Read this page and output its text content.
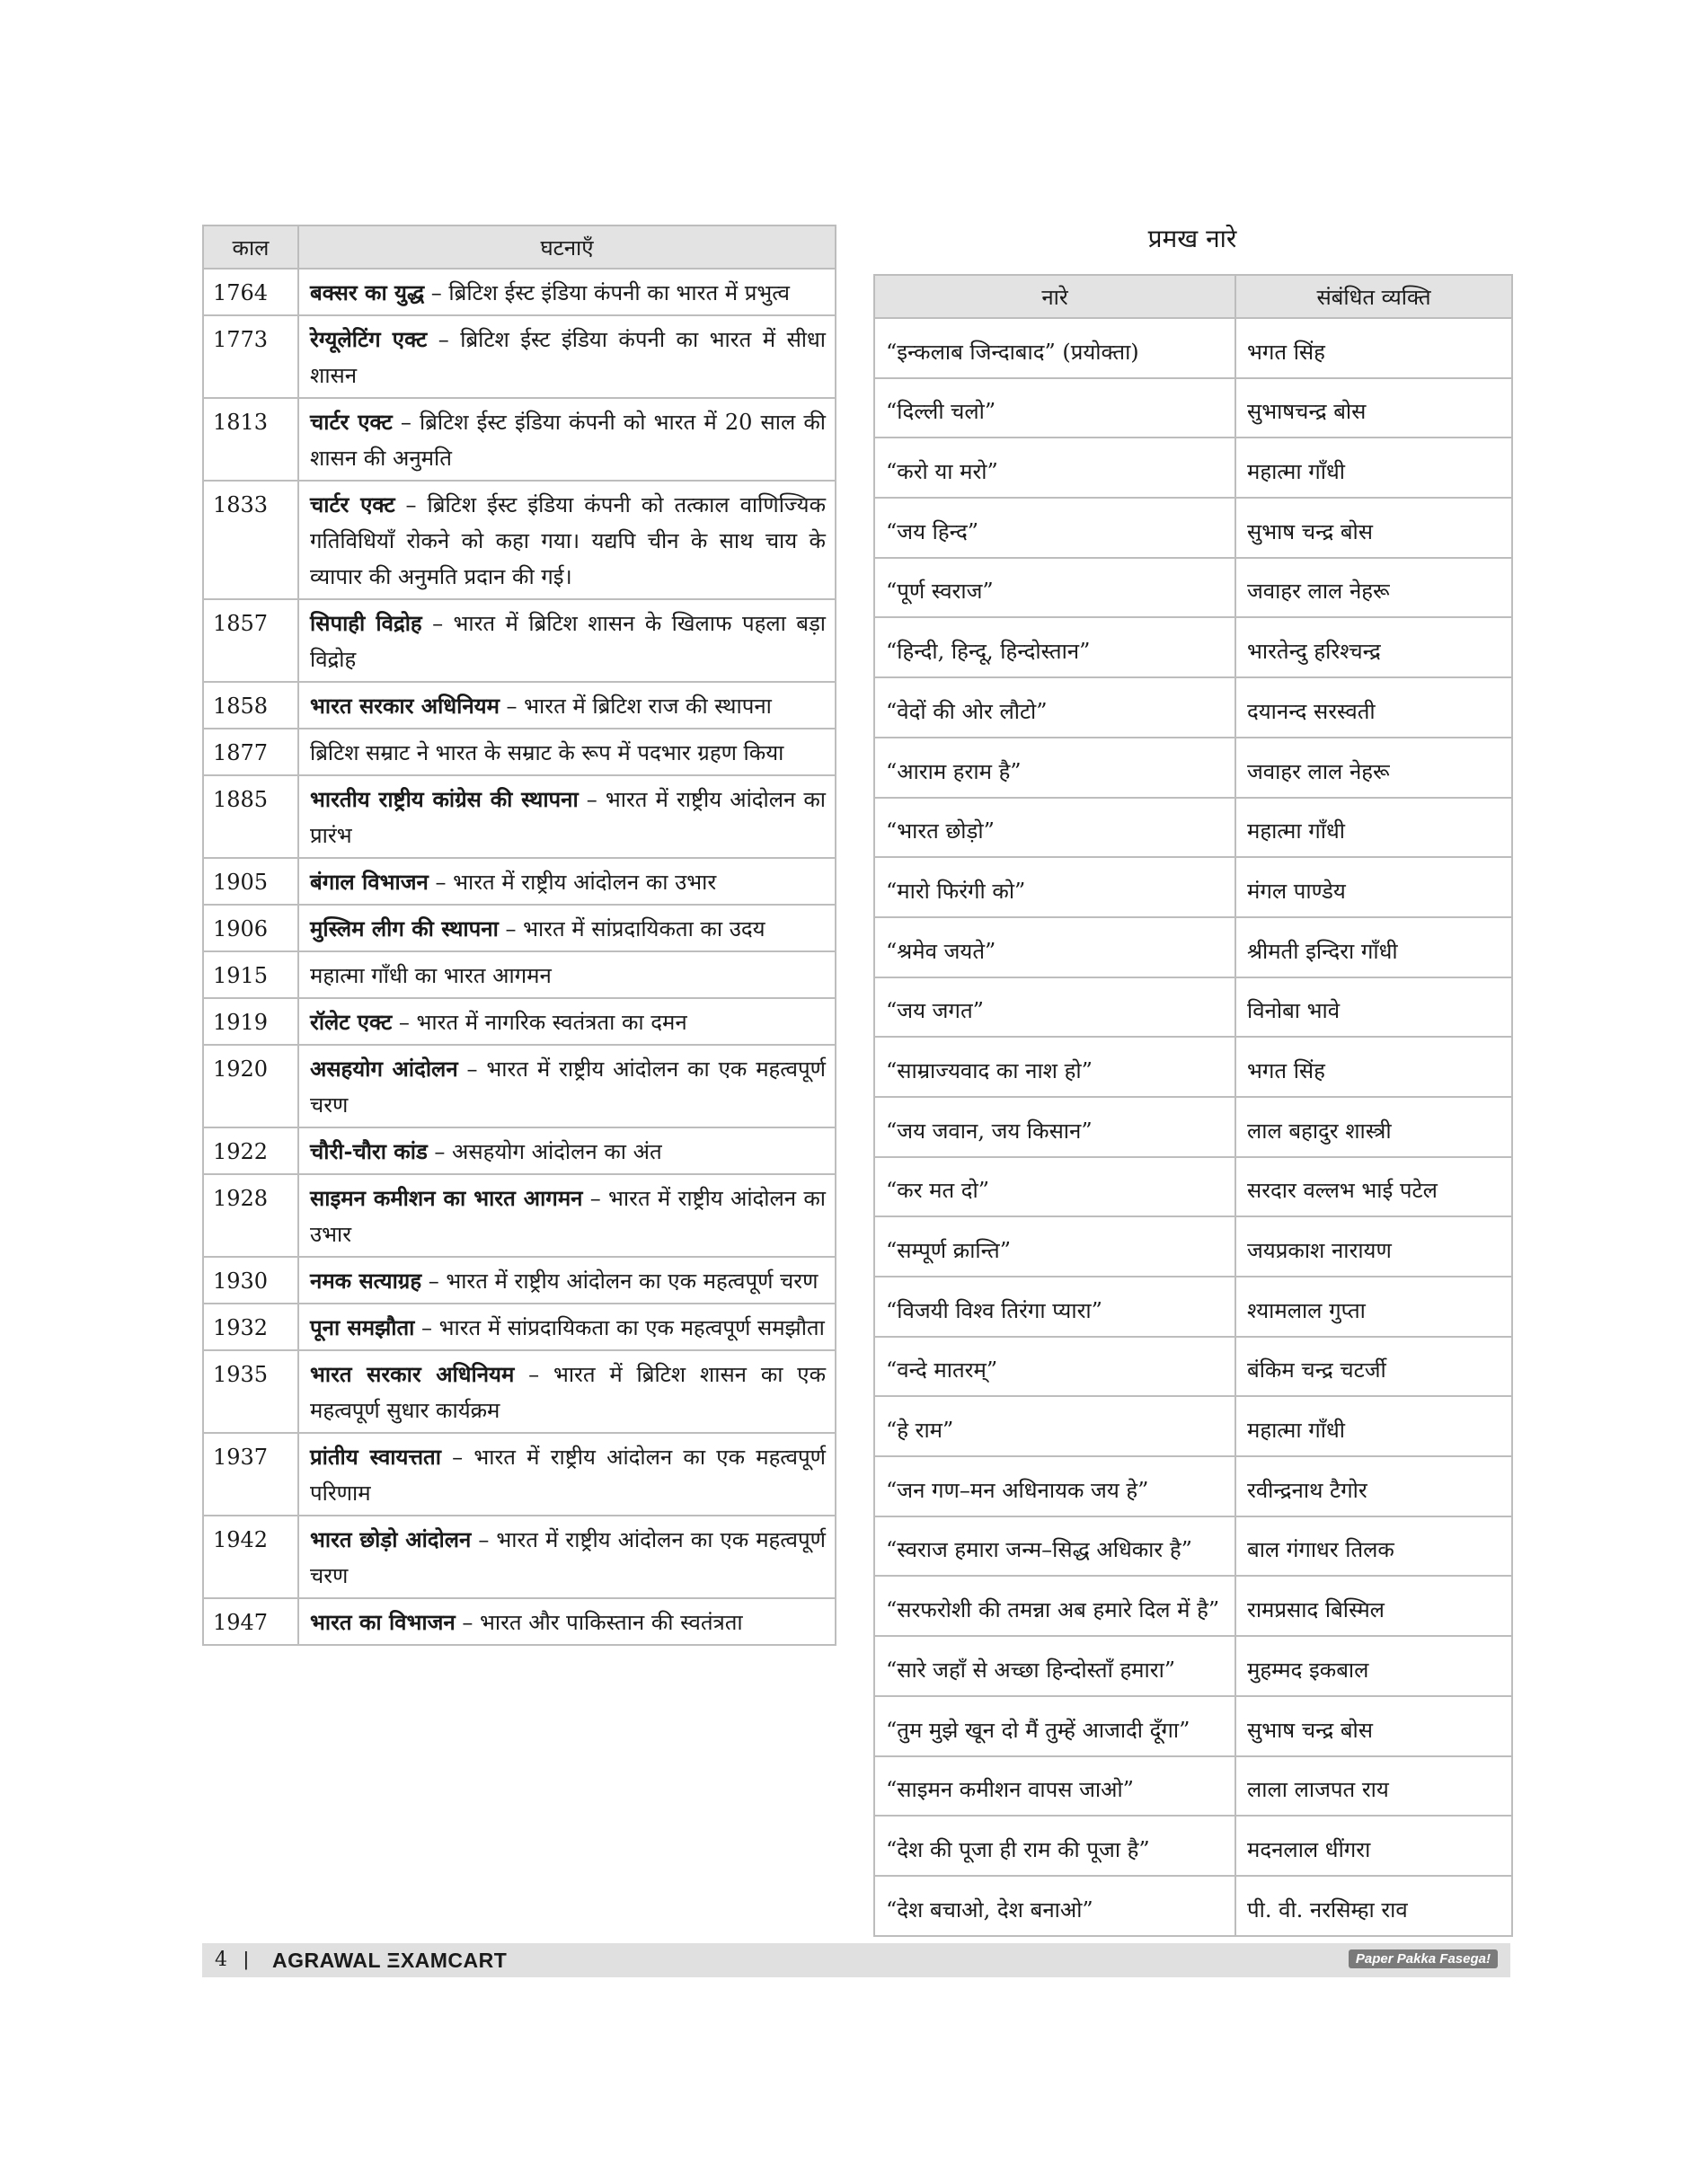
काल	घटनाएँ
1764	बक्सर का युद्ध – ब्रिटिश ईस्ट इंडिया कंपनी का भारत में प्रभुत्व
1773	रेग्यूलेटिंग एक्ट – ब्रिटिश ईस्ट इंडिया कंपनी का भारत में सीधा शासन
1813	चार्टर एक्ट – ब्रिटिश ईस्ट इंडिया कंपनी को भारत में 20 साल की शासन की अनुमति
1833	चार्टर एक्ट – ब्रिटिश ईस्ट इंडिया कंपनी को तत्काल वाणिज्यिक गतिविधियाँ रोकने को कहा गया। यद्यपि चीन के साथ चाय के व्यापार की अनुमति प्रदान की गई।
1857	सिपाही विद्रोह – भारत में ब्रिटिश शासन के खिलाफ पहला बड़ा विद्रोह
1858	भारत सरकार अधिनियम – भारत में ब्रिटिश राज की स्थापना
1877	ब्रिटिश सम्राट ने भारत के सम्राट के रूप में पदभार ग्रहण किया
1885	भारतीय राष्ट्रीय कांग्रेस की स्थापना – भारत में राष्ट्रीय आंदोलन का प्रारंभ
1905	बंगाल विभाजन – भारत में राष्ट्रीय आंदोलन का उभार
1906	मुस्लिम लीग की स्थापना – भारत में सांप्रदायिकता का उदय
1915	महात्मा गाँधी का भारत आगमन
1919	रॉलेट एक्ट – भारत में नागरिक स्वतंत्रता का दमन
1920	असहयोग आंदोलन – भारत में राष्ट्रीय आंदोलन का एक महत्वपूर्ण चरण
1922	चौरी-चौरा कांड – असहयोग आंदोलन का अंत
1928	साइमन कमीशन का भारत आगमन – भारत में राष्ट्रीय आंदोलन का उभार
1930	नमक सत्याग्रह – भारत में राष्ट्रीय आंदोलन का एक महत्वपूर्ण चरण
1932	पूना समझौता – भारत में सांप्रदायिकता का एक महत्वपूर्ण समझौता
1935	भारत सरकार अधिनियम – भारत में ब्रिटिश शासन का एक महत्वपूर्ण सुधार कार्यक्रम
1937	प्रांतीय स्वायत्तता – भारत में राष्ट्रीय आंदोलन का एक महत्वपूर्ण परिणाम
1942	भारत छोड़ो आंदोलन – भारत में राष्ट्रीय आंदोलन का एक महत्वपूर्ण चरण
1947	भारत का विभाजन – भारत और पाकिस्तान की स्वतंत्रता
प्रमख नारे
नारे	संबंधित व्यक्ति
“इन्कलाब जिन्दाबाद” (प्रयोक्ता)	भगत सिंह
“दिल्ली चलो”	सुभाषचन्द्र बोस
“करो या मरो”	महात्मा गाँधी
“जय हिन्द”	सुभाष चन्द्र बोस
“पूर्ण स्वराज”	जवाहर लाल नेहरू
“हिन्दी, हिन्दू, हिन्दोस्तान”	भारतेन्दु हरिश्चन्द्र
“वेदों की ओर लौटो”	दयानन्द सरस्वती
“आराम हराम है”	जवाहर लाल नेहरू
“भारत छोड़ो”	महात्मा गाँधी
“मारो फिरंगी को”	मंगल पाण्डेय
“श्रमेव जयते”	श्रीमती इन्दिरा गाँधी
“जय जगत”	विनोबा भावे
“साम्राज्यवाद का नाश हो”	भगत सिंह
“जय जवान, जय किसान”	लाल बहादुर शास्त्री
“कर मत दो”	सरदार वल्लभ भाई पटेल
“सम्पूर्ण क्रान्ति”	जयप्रकाश नारायण
“विजयी विश्व तिरंगा प्यारा”	श्यामलाल गुप्ता
“वन्दे मातरम्”	बंकिम चन्द्र चटर्जी
“हे राम”	महात्मा गाँधी
“जन गण–मन अधिनायक जय हे”	रवीन्द्रनाथ टैगोर
“स्वराज हमारा जन्म–सिद्ध अधिकार है”	बाल गंगाधर तिलक
“सरफरोशी की तमन्ना अब हमारे दिल में है”	रामप्रसाद बिस्मिल
“सारे जहाँ से अच्छा हिन्दोस्ताँ हमारा”	मुहम्मद इकबाल
“तुम मुझे खून दो मैं तुम्हें आजादी दूँगा”	सुभाष चन्द्र बोस
“साइमन कमीशन वापस जाओ”	लाला लाजपत राय
“देश की पूजा ही राम की पूजा है”	मदनलाल धींगरा
“देश बचाओ, देश बनाओ”	पी. वी. नरसिम्हा राव
4 | AGRAWAL ΞXAMCART	Paper Pakka Fasega!
